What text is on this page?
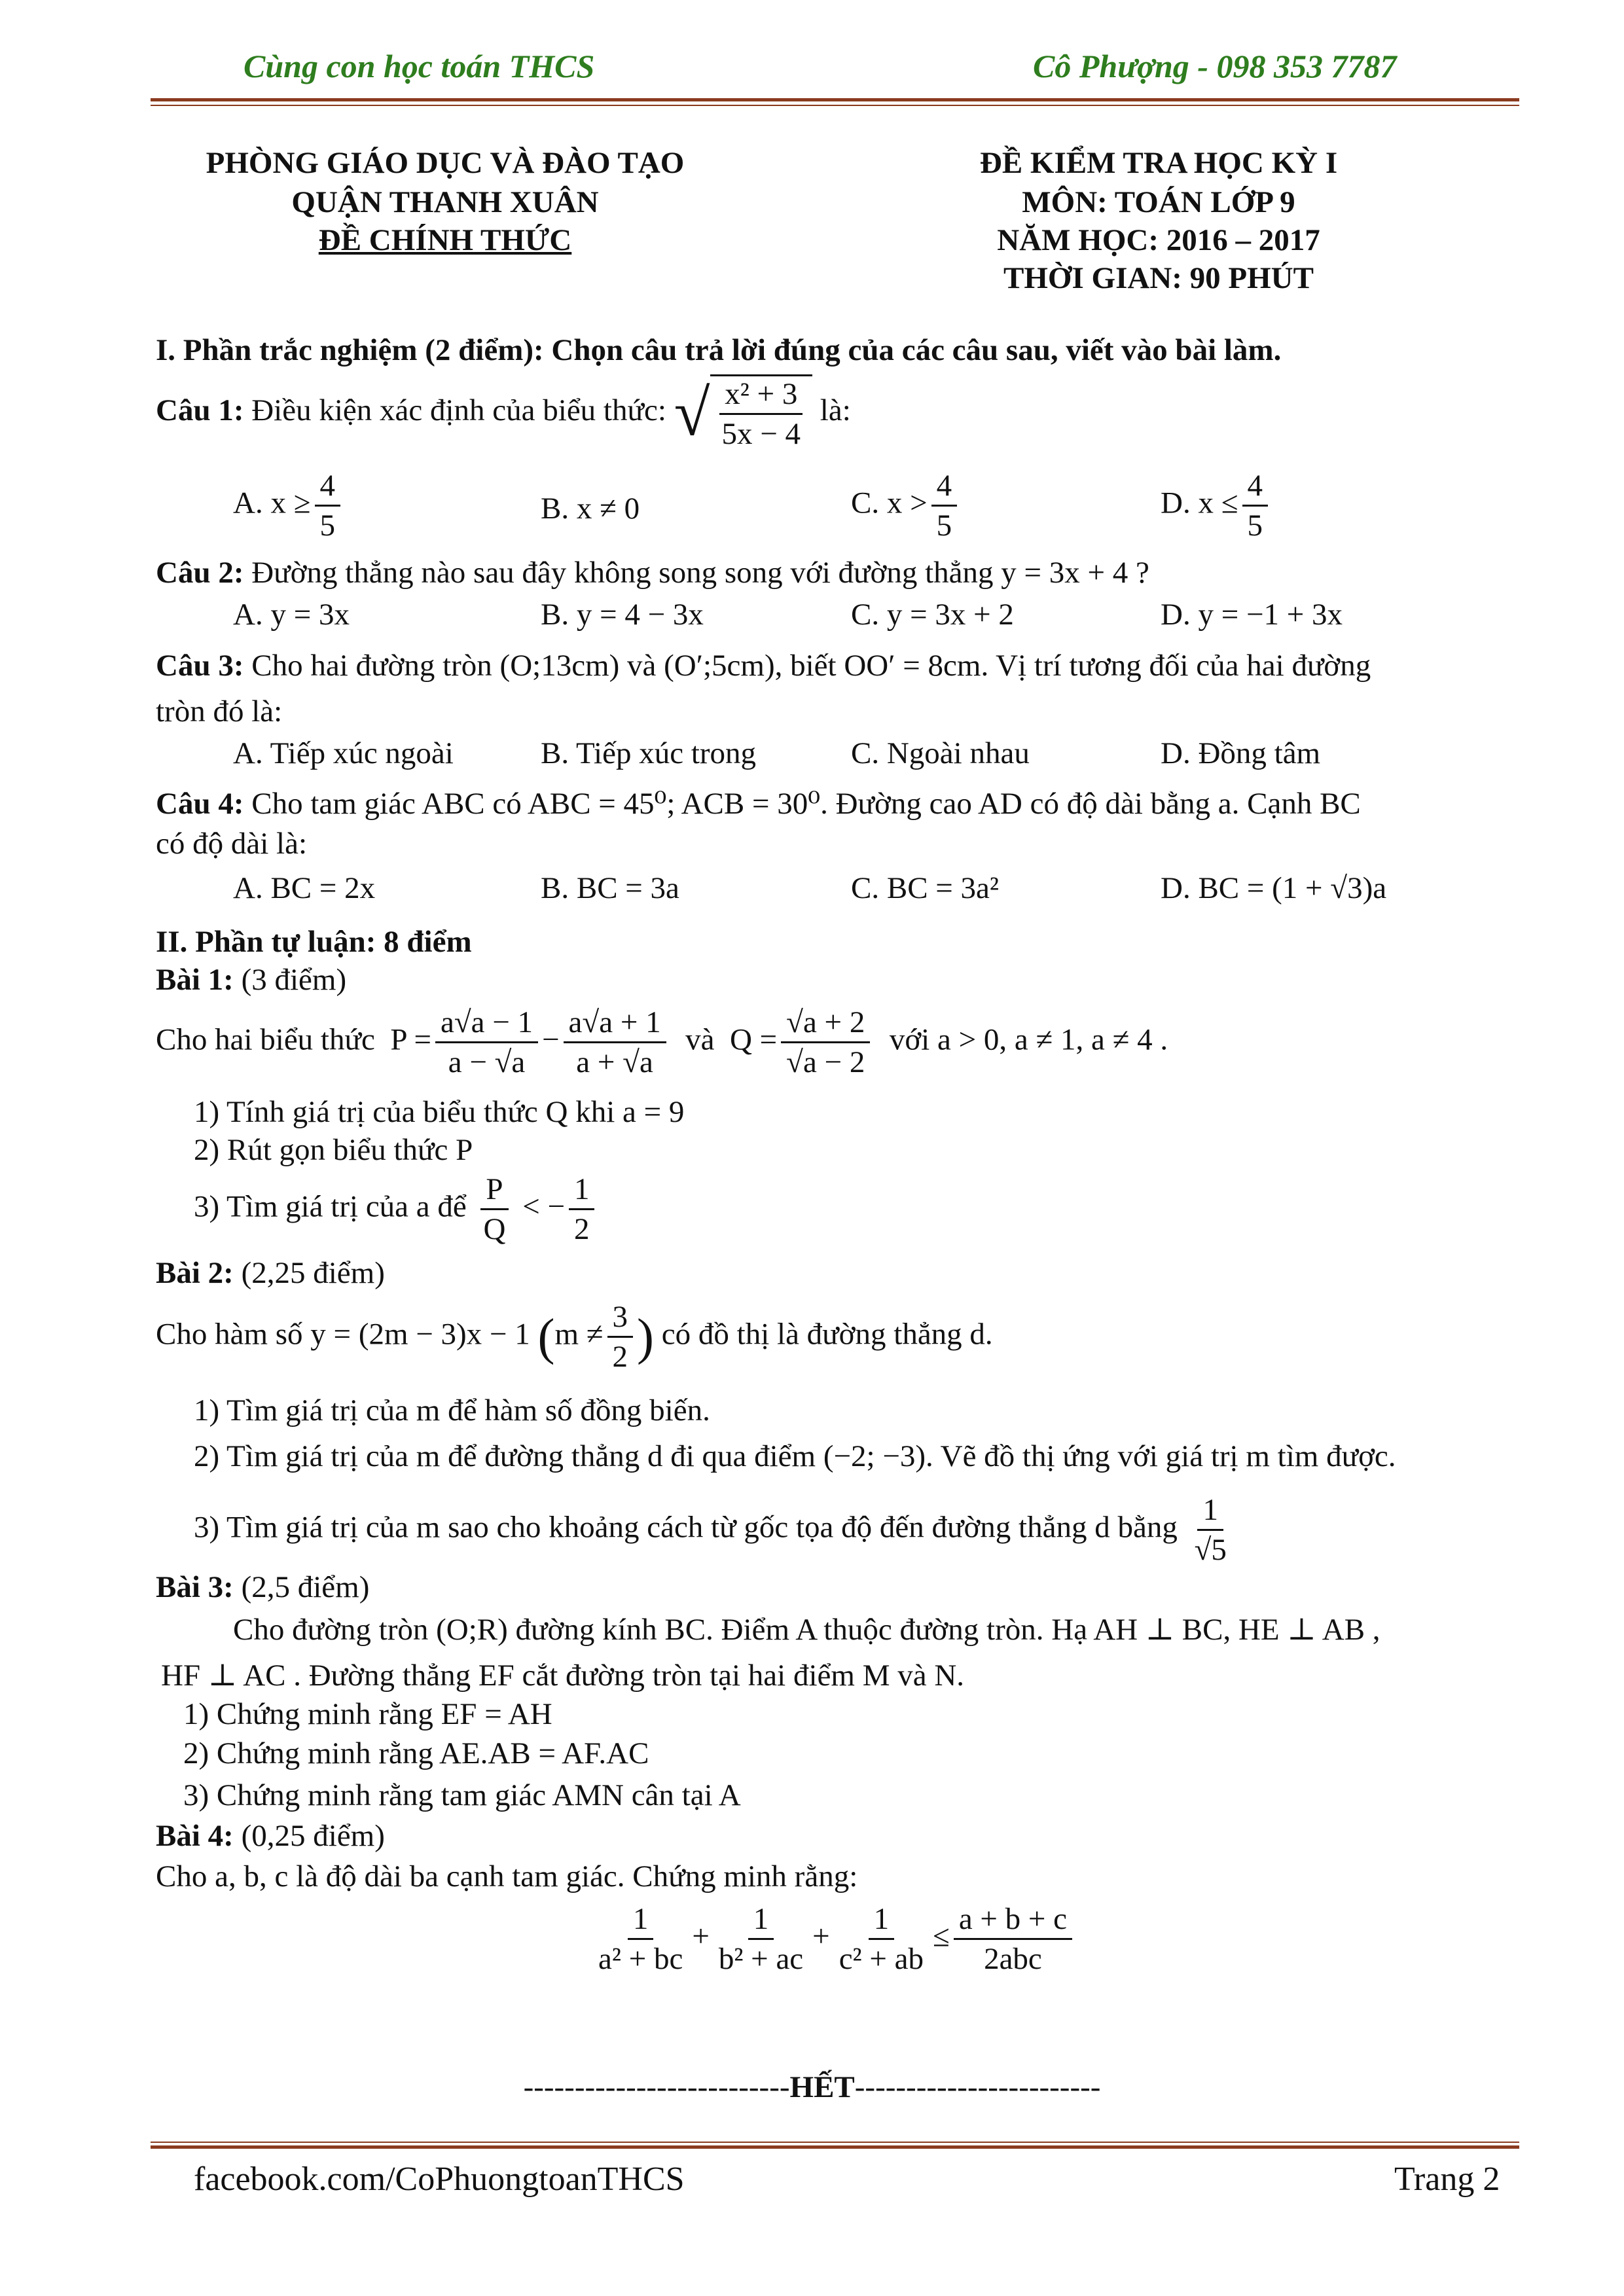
Cùng con học toán THCS	Cô Phượng - 098 353 7787
PHÒNG GIÁO DỤC VÀ ĐÀO TẠO
QUẬN THANH XUÂN
ĐỀ CHÍNH THỨC
ĐỀ KIỂM TRA HỌC KỲ I
MÔN: TOÁN LỚP 9
NĂM HỌC: 2016 – 2017
THỜI GIAN: 90 PHÚT
I. Phần trắc nghiệm (2 điểm): Chọn câu trả lời đúng của các câu sau, viết vào bài làm.
Câu 1: Điều kiện xác định của biểu thức: √ $\frac{\text{x² + 3}}{5x - 4}$ là:
A. $x \ge \frac{4}{5}$	B. x ≠ 0	C. $x > \frac{4}{5}$	D. $x \le \frac{4}{5}$
Câu 2: Đường thẳng nào sau đây không song song với đường thẳng y = 3x + 4 ?
A. y = 3x	B. y = 4 − 3x	C. y = 3x + 2	D. y = −1 + 3x
Câu 3: Cho hai đường tròn (O;13cm) và (O′;5cm), biết OO′ = 8cm. Vị trí tương đối của hai đường
tròn đó là:
A. Tiếp xúc ngoài	B. Tiếp xúc trong	C. Ngoài nhau	D. Đồng tâm
Câu 4: Cho tam giác ABC có ABC = 45⁰; ACB = 30⁰. Đường cao AD có độ dài bằng a. Cạnh BC
có độ dài là:
A. BC = 2x	B. BC = 3a	C. BC = 3a²	D. BC = (1 + √3)a
II. Phần tự luận: 8 điểm
Bài 1: (3 điểm)
Cho hai biểu thức $P = \frac{a√a - 1}{a - √a} - \frac{a√a + 1}{a + √a}$ và $Q = \frac{√a + 2}{√a - 2}$ với a > 0, a ≠ 1, a ≠ 4 .
1) Tính giá trị của biểu thức Q khi a = 9
2) Rút gọn biểu thức P
3) Tìm giá trị của a để $\frac{P}{Q}$ < − $\frac{1}{2}$
Bài 2: (2,25 điểm)
Cho hàm số y = (2m − 3)x − 1 ($m \ne \frac{3}{2}$ ) có đồ thị là đường thẳng d.
1) Tìm giá trị của m để hàm số đồng biến.
2) Tìm giá trị của m để đường thẳng d đi qua điểm (−2; −3). Vẽ đồ thị ứng với giá trị m tìm được.
3) Tìm giá trị của m sao cho khoảng cách từ gốc tọa độ đến đường thẳng d bằng $\frac{1}{√5}$
Bài 3: (2,5 điểm)
Cho đường tròn (O;R) đường kính BC. Điểm A thuộc đường tròn. Hạ AH ⊥ BC, HE ⊥ AB ,
HF ⊥ AC . Đường thẳng EF cắt đường tròn tại hai điểm M và N.
1) Chứng minh rằng EF = AH
2) Chứng minh rằng AE.AB = AF.AC
3) Chứng minh rằng tam giác AMN cân tại A
Bài 4: (0,25 điểm)
Cho a, b, c là độ dài ba cạnh tam giác. Chứng minh rằng:
$\frac{1}{\text{a² + bc}} + \frac{1}{\text{b² + ac}} + \frac{1}{\text{c² + ab}} \le \frac{a + b + c}{\text{2abc}}$
--------------------------HẾT------------------------
facebook.com/CoPhuongtoanTHCS	Trang 2
